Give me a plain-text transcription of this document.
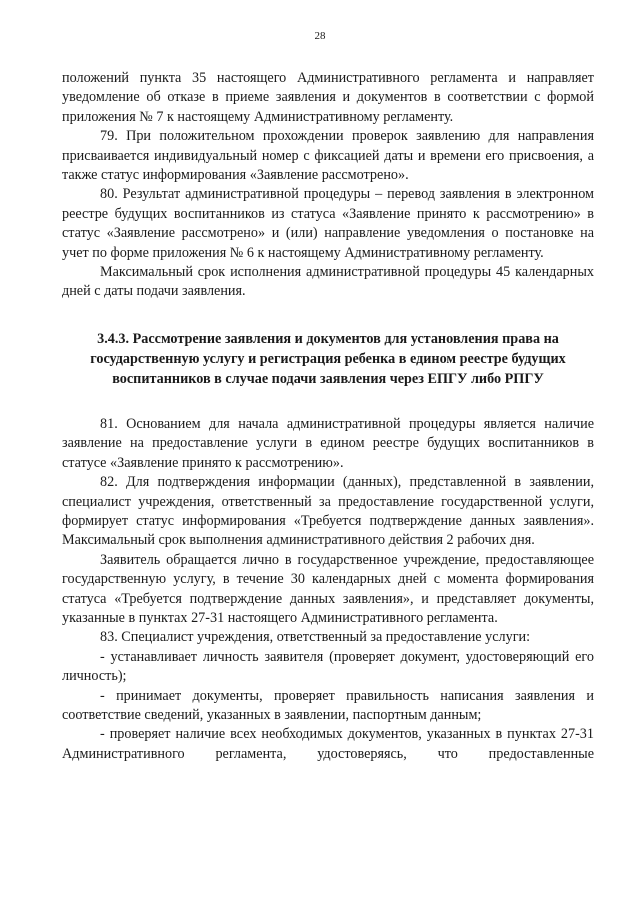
28

положений пункта 35 настоящего Административного регламента и направляет уведомление об отказе в приеме заявления и документов в соответствии с формой приложения № 7 к настоящему Административному регламенту.

79. При положительном прохождении проверок заявлению для направления присваивается индивидуальный номер с фиксацией даты и времени его присвоения, а также статус информирования «Заявление рассмотрено».

80. Результат административной процедуры – перевод заявления в электронном реестре будущих воспитанников из статуса «Заявление принято к рассмотрению» в статус «Заявление рассмотрено» и (или) направление уведомления о постановке на учет по форме приложения № 6 к настоящему Административному регламенту.

Максимальный срок исполнения административной процедуры 45 календарных дней с даты подачи заявления.

3.4.3. Рассмотрение заявления и документов для установления права на государственную услугу и регистрация ребенка в едином реестре будущих воспитанников в случае подачи заявления через ЕПГУ либо РПГУ

81. Основанием для начала административной процедуры является наличие заявление на предоставление услуги в едином реестре будущих воспитанников в статусе «Заявление принято к рассмотрению».

82. Для подтверждения информации (данных), представленной в заявлении, специалист учреждения, ответственный за предоставление государственной услуги, формирует статус информирования «Требуется подтверждение данных заявления». Максимальный срок выполнения административного действия 2 рабочих дня.

Заявитель обращается лично в государственное учреждение, предоставляющее государственную услугу, в течение 30 календарных дней с момента формирования статуса «Требуется подтверждение данных заявления», и представляет документы, указанные в пунктах 27-31 настоящего Административного регламента.

83. Специалист учреждения, ответственный за предоставление услуги:

- устанавливает личность заявителя (проверяет документ, удостоверяющий его личность);

- принимает документы, проверяет правильность написания заявления и соответствие сведений, указанных в заявлении, паспортным данным;

- проверяет наличие всех необходимых документов, указанных в пунктах 27-31 Административного регламента, удостоверяясь, что предоставленные
